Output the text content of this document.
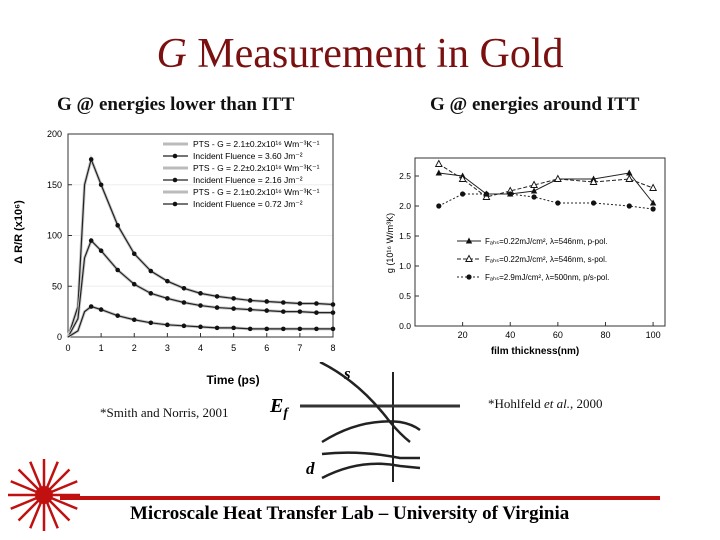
G Measurement in Gold
G @ energies lower than ITT	G @ energies around ITT
0	1	2	3	4	5	6	7	8
0
50
100
150
200
PTS - G = 2.1±0.2x10¹⁶ Wm⁻³K⁻¹
Incident Fluence = 3.60 Jm⁻²
PTS - G = 2.2±0.2x10¹⁶ Wm⁻³K⁻¹
Incident Fluence = 2.16 Jm⁻²
PTS - G = 2.1±0.2x10¹⁶ Wm⁻³K⁻¹
Incident Fluence = 0.72 Jm⁻²
Time (ps)
Δ R/R (x10⁶)
20	40	60	80	100
0.0
0.5
1.0
1.5
2.0
2.5
Fₐₕₛ=0.22mJ/cm², λ=546nm, p-pol.
Fₐₕₛ=0.22mJ/cm², λ=546nm, s-pol.
Fₐₕₛ=2.9mJ/cm², λ=500nm, p/s-pol.
film thickness(nm)
g (10¹⁶ W/m³K)
*Smith and Norris, 2001
*Hohlfeld et al., 2000
s
$E_f$
d
Microscale Heat Transfer Lab – University of Virginia
